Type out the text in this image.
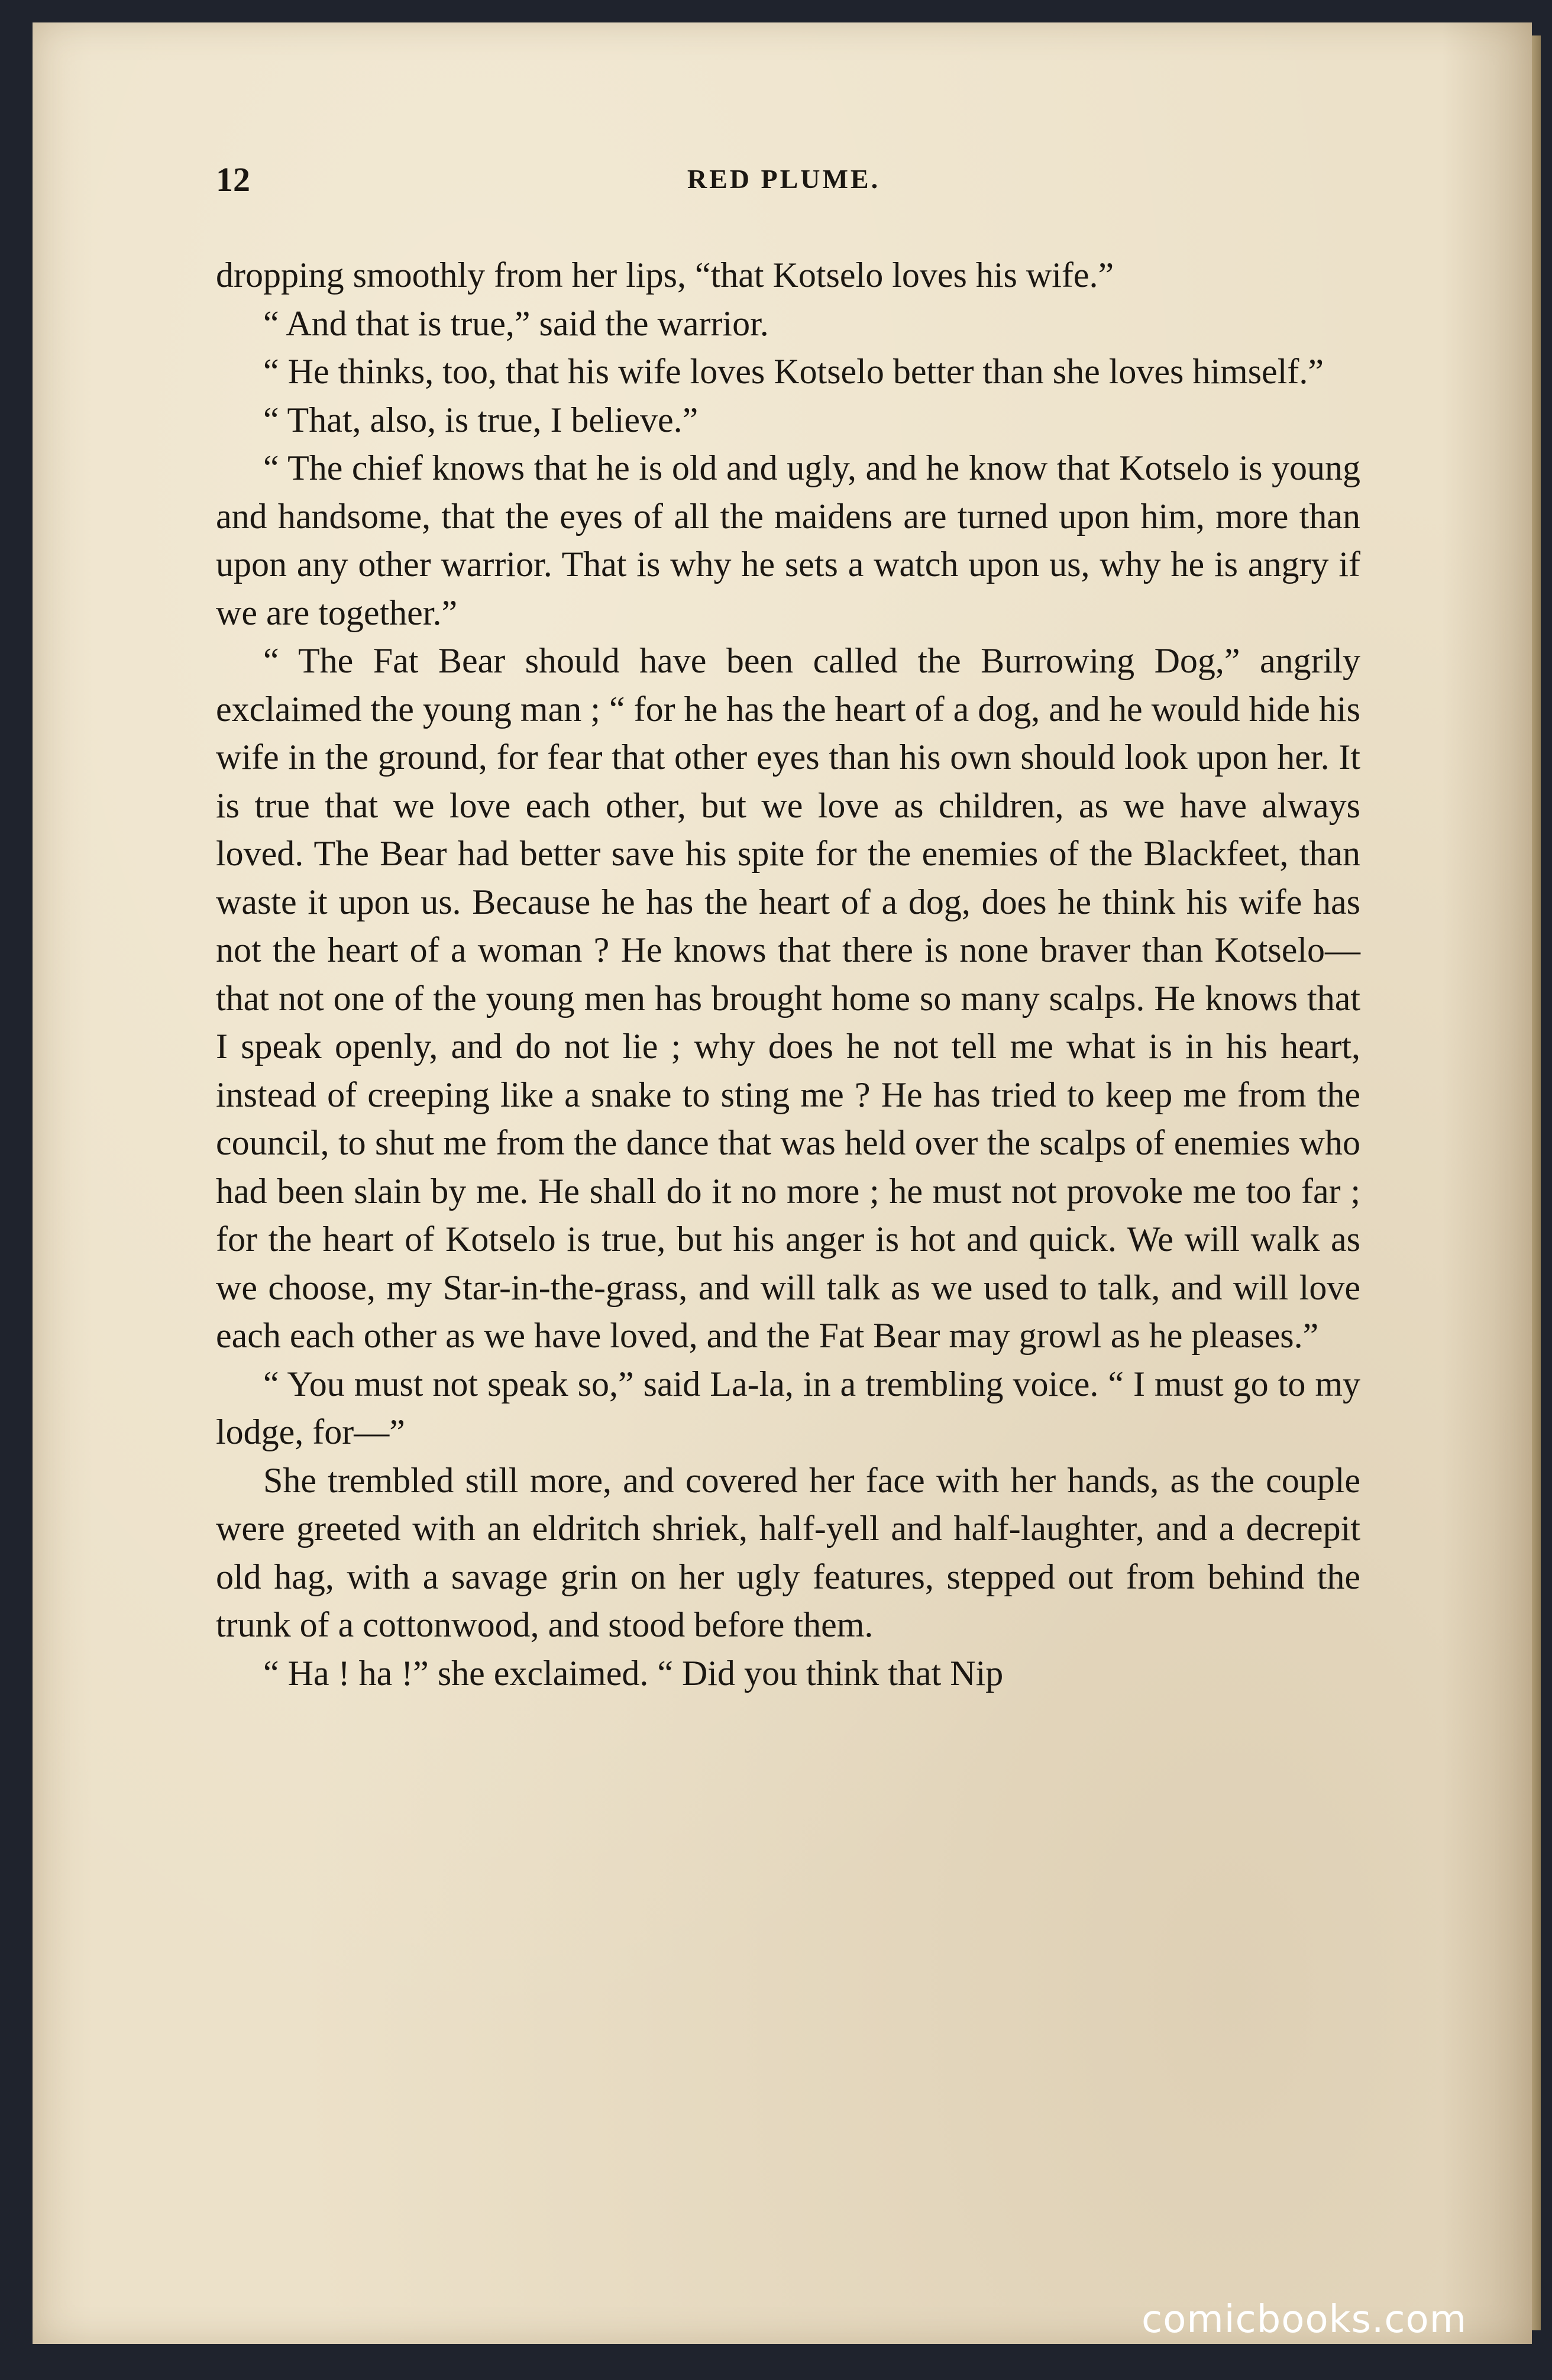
12	RED PLUME.

dropping smoothly from her lips, “that Kotselo loves his wife.”

“ And that is true,” said the warrior.

“ He thinks, too, that his wife loves Kotselo better than she loves himself.”

“ That, also, is true, I believe.”

“ The chief knows that he is old and ugly, and he know that Kotselo is young and handsome, that the eyes of all the maidens are turned upon him, more than upon any other warrior. That is why he sets a watch upon us, why he is angry if we are together.”

“ The Fat Bear should have been called the Burrowing Dog,” angrily exclaimed the young man ; “ for he has the heart of a dog, and he would hide his wife in the ground, for fear that other eyes than his own should look upon her. It is true that we love each other, but we love as children, as we have always loved. The Bear had better save his spite for the enemies of the Blackfeet, than waste it upon us. Because he has the heart of a dog, does he think his wife has not the heart of a woman ? He knows that there is none braver than Kotselo—that not one of the young men has brought home so many scalps. He knows that I speak openly, and do not lie ; why does he not tell me what is in his heart, instead of creeping like a snake to sting me ? He has tried to keep me from the council, to shut me from the dance that was held over the scalps of enemies who had been slain by me. He shall do it no more ; he must not provoke me too far ; for the heart of Kotselo is true, but his anger is hot and quick. We will walk as we choose, my Star-in-the-grass, and will talk as we used to talk, and will love each each other as we have loved, and the Fat Bear may growl as he pleases.”

“ You must not speak so,” said La-la, in a trembling voice. “ I must go to my lodge, for—”

She trembled still more, and covered her face with her hands, as the couple were greeted with an eldritch shriek, half-yell and half-laughter, and a decrepit old hag, with a savage grin on her ugly features, stepped out from behind the trunk of a cottonwood, and stood before them.

“ Ha ! ha !” she exclaimed. “ Did you think that Nip

comicbooks.com
